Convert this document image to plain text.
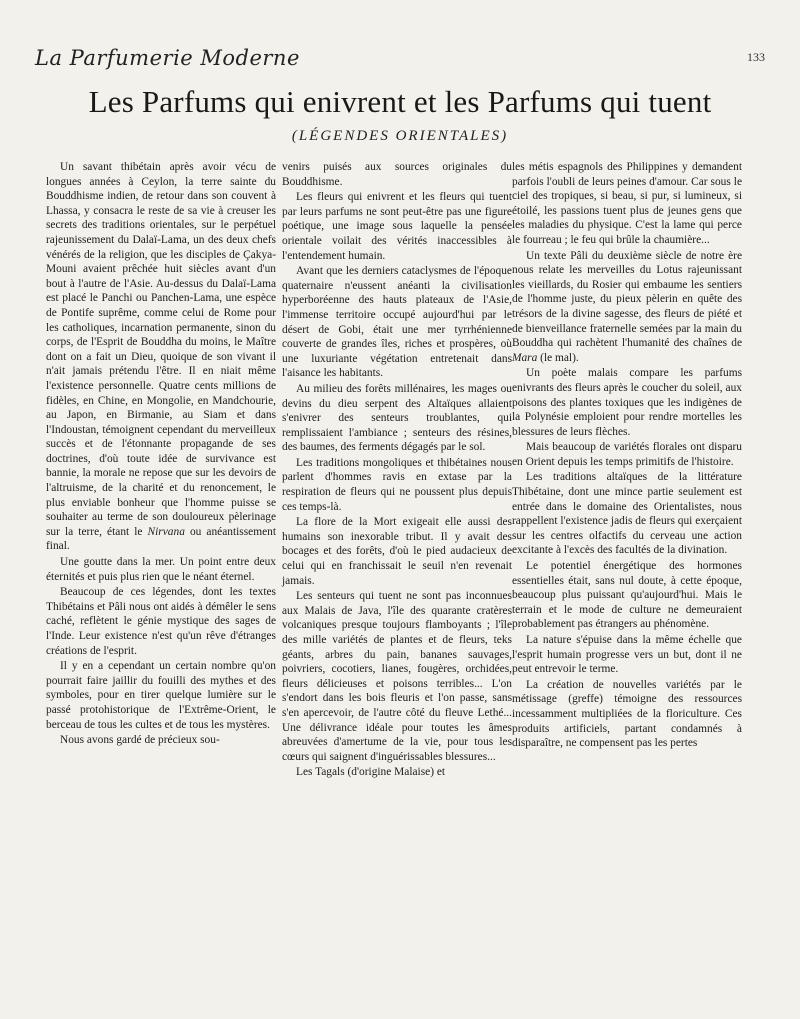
La Parfumerie Moderne	133
Les Parfums qui enivrent et les Parfums qui tuent
(LÉGENDES ORIENTALES)

Un savant thibétain après avoir vécu de longues années à Ceylon, la terre sainte du Bouddhisme indien, de retour dans son couvent à Lhassa, y consacra le reste de sa vie à creuser les secrets des traditions orientales, sur le perpétuel rajeunissement du Dalaï-Lama, un des deux chefs vénérés de la religion, que les disciples de Çakya-Mouni avaient prêchée huit siècles avant d'un bout à l'autre de l'Asie. Au-dessus du Dalaï-Lama est placé le Panchi ou Panchen-Lama, une espèce de Pontife suprême, comme celui de Rome pour les catholiques, incarnation permanente, sinon du corps, de l'Esprit de Bouddha du moins, le Maître dont on a fait un Dieu, quoique de son vivant il n'ait jamais prétendu l'être. Il en niait même l'existence personnelle. Quatre cents millions de fidèles, en Chine, en Mongolie, en Mandchourie, au Japon, en Birmanie, au Siam et dans l'Indoustan, témoignent cependant du merveilleux succès et de l'étonnante propagande de ses doctrines, d'où toute idée de survivance est bannie, la morale ne repose que sur les devoirs de l'altruisme, de la charité et du renoncement, le plus enviable bonheur que l'homme puisse se souhaiter au terme de son douloureux pèlerinage sur la terre, étant le Nirvana ou anéantissement final.

Une goutte dans la mer. Un point entre deux éternités et puis plus rien que le néant éternel.

Beaucoup de ces légendes, dont les textes Thibétains et Pâli nous ont aidés à démêler le sens caché, reflètent le génie mystique des sages de l'Inde. Leur existence n'est qu'un rêve d'étranges créations de l'esprit.

Il y en a cependant un certain nombre qu'on pourrait faire jaillir du fouilli des mythes et des symboles, pour en tirer quelque lumière sur le passé protohistorique de l'Extrême-Orient, le berceau de tous les cultes et de tous les mystères.

Nous avons gardé de précieux sou-

venirs puisés aux sources originales du Bouddhisme.

Les fleurs qui enivrent et les fleurs qui tuent par leurs parfums ne sont peut-être pas une figure poétique, une image sous laquelle la pensée orientale voilait des vérités inaccessibles à l'entendement humain.

Avant que les derniers cataclysmes de l'époque quaternaire n'eussent anéanti la civilisation hyperboréenne des hauts plateaux de l'Asie, l'immense territoire occupé aujourd'hui par le désert de Gobi, était une mer tyrrhénienne couverte de grandes îles, riches et prospères, où une luxuriante végétation entretenait dans l'aisance les habitants.

Au milieu des forêts millénaires, les mages ou devins du dieu serpent des Altaïques allaient s'enivrer des senteurs troublantes, qui remplissaient l'ambiance ; senteurs des résines, des baumes, des ferments dégagés par le sol.

Les traditions mongoliques et thibétaines nous parlent d'hommes ravis en extase par la respiration de fleurs qui ne poussent plus depuis ces temps-là.

La flore de la Mort exigeait elle aussi des humains son inexorable tribut. Il y avait des bocages et des forêts, d'où le pied audacieux de celui qui en franchissait le seuil n'en revenait jamais.

Les senteurs qui tuent ne sont pas inconnues aux Malais de Java, l'île des quarante cratères volcaniques presque toujours flamboyants ; l'île des mille variétés de plantes et de fleurs, teks géants, arbres du pain, bananes sauvages, poivriers, cocotiers, lianes, fougères, orchidées, fleurs délicieuses et poisons terribles... L'on s'endort dans les bois fleuris et l'on passe, sans s'en apercevoir, de l'autre côté du fleuve Lethé... Une délivrance idéale pour toutes les âmes abreuvées d'amertume de la vie, pour tous les cœurs qui saignent d'inguérissables blessures...

Les Tagals (d'origine Malaise) et

les métis espagnols des Philippines y demandent parfois l'oubli de leurs peines d'amour. Car sous le ciel des tropiques, si beau, si pur, si lumineux, si étoilé, les passions tuent plus de jeunes gens que les maladies du physique. C'est la lame qui perce le fourreau ; le feu qui brûle la chaumière...

Un texte Pâli du deuxième siècle de notre ère nous relate les merveilles du Lotus rajeunissant les vieillards, du Rosier qui embaume les sentiers de l'homme juste, du pieux pèlerin en quête des trésors de la divine sagesse, des fleurs de piété et de bienveillance fraternelle semées par la main du Bouddha qui rachètent l'humanité des chaînes de Mara (le mal).

Un poète malais compare les parfums enivrants des fleurs après le coucher du soleil, aux poisons des plantes toxiques que les indigènes de la Polynésie emploient pour rendre mortelles les blessures de leurs flèches.

Mais beaucoup de variétés florales ont disparu en Orient depuis les temps primitifs de l'histoire.

Les traditions altaïques de la littérature Thibétaine, dont une mince partie seulement est entrée dans le domaine des Orientalistes, nous rappellent l'existence jadis de fleurs qui exerçaient sur les centres olfactifs du cerveau une action excitante à l'excès des facultés de la divination.

Le potentiel énergétique des hormones essentielles était, sans nul doute, à cette époque, beaucoup plus puissant qu'aujourd'hui. Mais le terrain et le mode de culture ne demeuraient probablement pas étrangers au phénomène.

La nature s'épuise dans la même échelle que l'esprit humain progresse vers un but, dont il ne peut entrevoir le terme.

La création de nouvelles variétés par le métissage (greffe) témoigne des ressources incessamment multipliées de la floriculture. Ces produits artificiels, partant condamnés à disparaître, ne compensent pas les pertes
